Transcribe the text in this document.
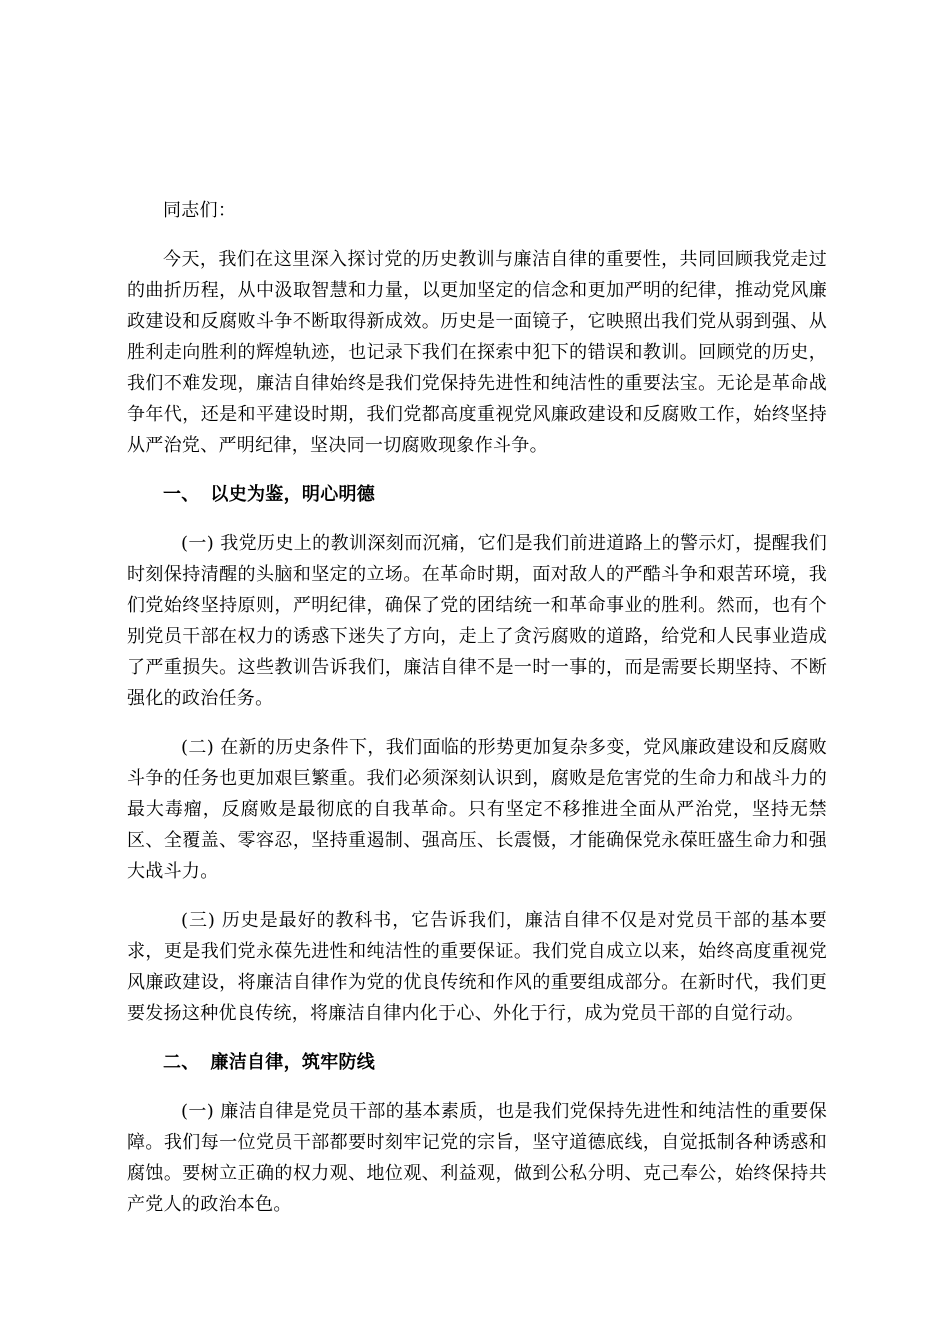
同志们：

今天，我们在这里深入探讨党的历史教训与廉洁自律的重要性，共同回顾我党走过的曲折历程，从中汲取智慧和力量，以更加坚定的信念和更加严明的纪律，推动党风廉政建设和反腐败斗争不断取得新成效。历史是一面镜子，它映照出我们党从弱到强、从胜利走向胜利的辉煌轨迹，也记录下我们在探索中犯下的错误和教训。回顾党的历史，我们不难发现，廉洁自律始终是我们党保持先进性和纯洁性的重要法宝。无论是革命战争年代，还是和平建设时期，我们党都高度重视党风廉政建设和反腐败工作，始终坚持从严治党、严明纪律，坚决同一切腐败现象作斗争。

一、 以史为鉴，明心明德

(一) 我党历史上的教训深刻而沉痛，它们是我们前进道路上的警示灯，提醒我们时刻保持清醒的头脑和坚定的立场。在革命时期，面对敌人的严酷斗争和艰苦环境，我们党始终坚持原则，严明纪律，确保了党的团结统一和革命事业的胜利。然而，也有个别党员干部在权力的诱惑下迷失了方向，走上了贪污腐败的道路，给党和人民事业造成了严重损失。这些教训告诉我们，廉洁自律不是一时一事的，而是需要长期坚持、不断强化的政治任务。

(二) 在新的历史条件下，我们面临的形势更加复杂多变，党风廉政建设和反腐败斗争的任务也更加艰巨繁重。我们必须深刻认识到，腐败是危害党的生命力和战斗力的最大毒瘤，反腐败是最彻底的自我革命。只有坚定不移推进全面从严治党，坚持无禁区、全覆盖、零容忍，坚持重遏制、强高压、长震慑，才能确保党永葆旺盛生命力和强大战斗力。

(三) 历史是最好的教科书，它告诉我们，廉洁自律不仅是对党员干部的基本要求，更是我们党永葆先进性和纯洁性的重要保证。我们党自成立以来，始终高度重视党风廉政建设，将廉洁自律作为党的优良传统和作风的重要组成部分。在新时代，我们更要发扬这种优良传统，将廉洁自律内化于心、外化于行，成为党员干部的自觉行动。

二、 廉洁自律，筑牢防线

(一) 廉洁自律是党员干部的基本素质，也是我们党保持先进性和纯洁性的重要保障。我们每一位党员干部都要时刻牢记党的宗旨，坚守道德底线，自觉抵制各种诱惑和腐蚀。要树立正确的权力观、地位观、利益观，做到公私分明、克己奉公，始终保持共产党人的政治本色。
